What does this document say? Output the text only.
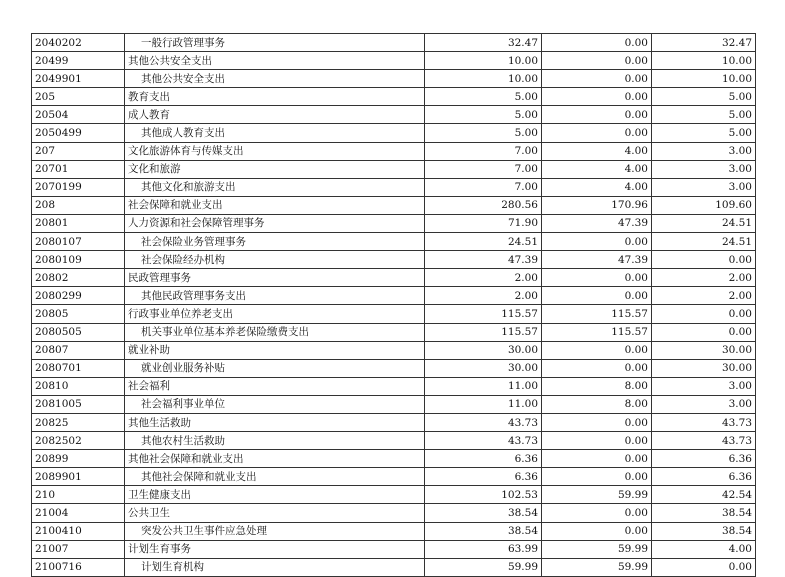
2040202	一般行政管理事务	32.47	0.00	32.47
20499	其他公共安全支出	10.00	0.00	10.00
2049901	其他公共安全支出	10.00	0.00	10.00
205	教育支出	5.00	0.00	5.00
20504	成人教育	5.00	0.00	5.00
2050499	其他成人教育支出	5.00	0.00	5.00
207	文化旅游体育与传媒支出	7.00	4.00	3.00
20701	文化和旅游	7.00	4.00	3.00
2070199	其他文化和旅游支出	7.00	4.00	3.00
208	社会保障和就业支出	280.56	170.96	109.60
20801	人力资源和社会保障管理事务	71.90	47.39	24.51
2080107	社会保险业务管理事务	24.51	0.00	24.51
2080109	社会保险经办机构	47.39	47.39	0.00
20802	民政管理事务	2.00	0.00	2.00
2080299	其他民政管理事务支出	2.00	0.00	2.00
20805	行政事业单位养老支出	115.57	115.57	0.00
2080505	机关事业单位基本养老保险缴费支出	115.57	115.57	0.00
20807	就业补助	30.00	0.00	30.00
2080701	就业创业服务补贴	30.00	0.00	30.00
20810	社会福利	11.00	8.00	3.00
2081005	社会福利事业单位	11.00	8.00	3.00
20825	其他生活救助	43.73	0.00	43.73
2082502	其他农村生活救助	43.73	0.00	43.73
20899	其他社会保障和就业支出	6.36	0.00	6.36
2089901	其他社会保障和就业支出	6.36	0.00	6.36
210	卫生健康支出	102.53	59.99	42.54
21004	公共卫生	38.54	0.00	38.54
2100410	突发公共卫生事件应急处理	38.54	0.00	38.54
21007	计划生育事务	63.99	59.99	4.00
2100716	计划生育机构	59.99	59.99	0.00
